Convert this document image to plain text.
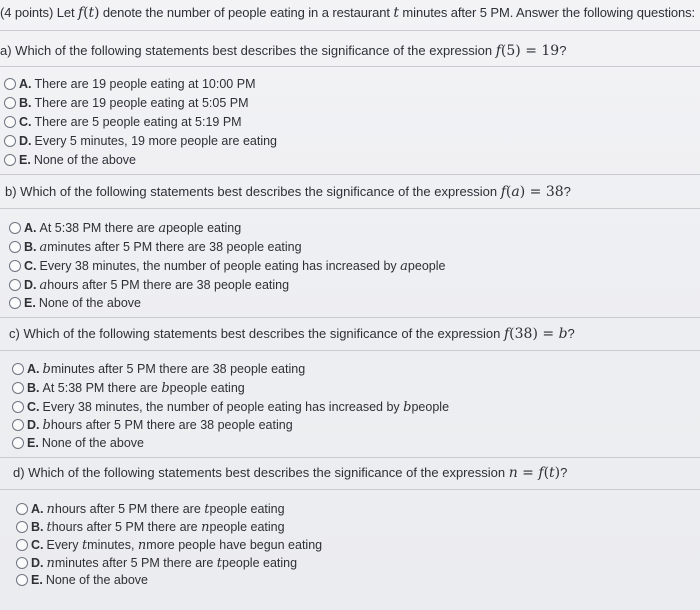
(4 points) Let f(t) denote the number of people eating in a restaurant t minutes after 5 PM. Answer the following questions:
a) Which of the following statements best describes the significance of the expression f(5) = 19?
A. There are 19 people eating at 10:00 PM
B. There are 19 people eating at 5:05 PM
C. There are 5 people eating at 5:19 PM
D. Every 5 minutes, 19 more people are eating
E. None of the above
b) Which of the following statements best describes the significance of the expression f(a) = 38?
A. At 5:38 PM there are
a people eating
B. a minutes after 5 PM there are 38 people eating
C. Every 38 minutes, the number of people eating has increased by
a people
D. a hours after 5 PM there are 38 people eating
E. None of the above
c) Which of the following statements best describes the significance of the expression f(38) = b?
A. b minutes after 5 PM there are 38 people eating
B. At 5:38 PM there are
b people eating
C. Every 38 minutes, the number of people eating has increased by
b people
D. b hours after 5 PM there are 38 people eating
E. None of the above
d) Which of the following statements best describes the significance of the expression n = f(t)?
A. n hours after 5 PM there are
t people eating
B. t hours after 5 PM there are
n people eating
C. Every
t minutes,
n more people have begun eating
D. n minutes after 5 PM there are
t people eating
E. None of the above
